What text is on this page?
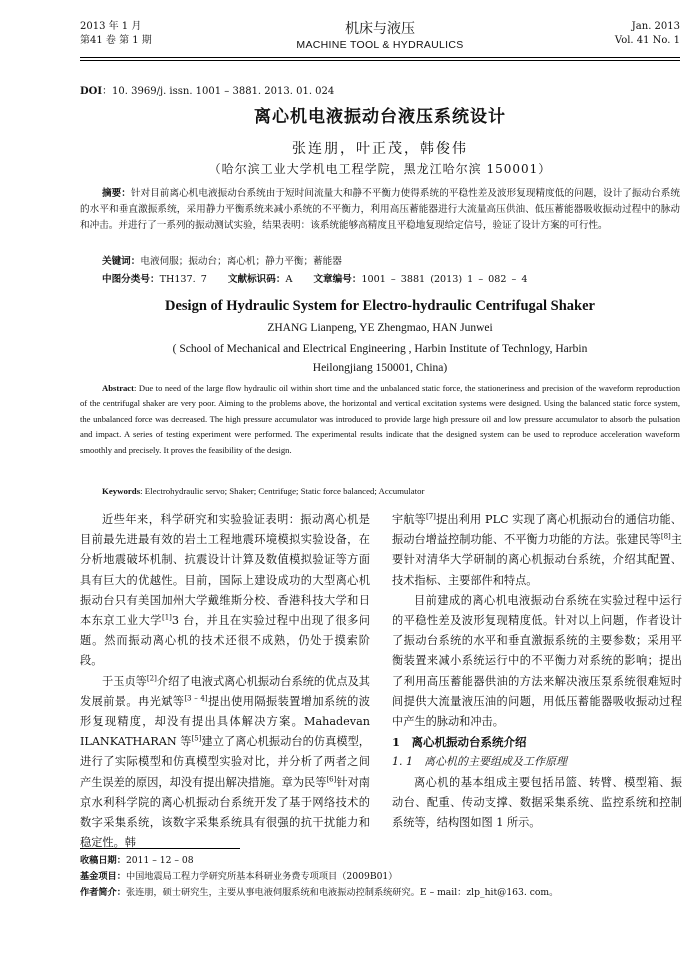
2013 年 1 月
第41 卷 第 1 期
机床与液压
MACHINE TOOL & HYDRAULICS
Jan. 2013
Vol. 41 No. 1
DOI：10. 3969/j. issn. 1001 – 3881. 2013. 01. 024
离心机电液振动台液压系统设计
张连朋，叶正茂，韩俊伟
（哈尔滨工业大学机电工程学院，黑龙江哈尔滨 150001）
摘要：针对目前离心机电液振动台系统由于短时间流量大和静不平衡力使得系统的平稳性差及波形复现精度低的问题，设计了振动台系统的水平和垂直激振系统，采用静力平衡系统来减小系统的不平衡力，利用高压蓄能器进行大流量高压供油、低压蓄能器吸收振动过程中的脉动和冲击。并进行了一系列的振动测试实验，结果表明：该系统能够高精度且平稳地复现给定信号，验证了设计方案的可行性。
关键词：电液伺服；振动台；离心机；静力平衡；蓄能器
中图分类号：TH137. 7 文献标识码：A 文章编号：1001 – 3881 (2013) 1 – 082 – 4
Design of Hydraulic System for Electro-hydraulic Centrifugal Shaker
ZHANG Lianpeng, YE Zhengmao, HAN Junwei
( School of Mechanical and Electrical Engineering , Harbin Institute of Technlogy, Harbin
Heilongjiang 150001, China)
Abstract: Due to need of the large flow hydraulic oil within short time and the unbalanced static force, the stationeriness and precision of the waveform reproduction of the centrifugal shaker are very poor. Aiming to the problems above, the horizontal and vertical excitation systems were designed. Using the balanced static force system, the unbalanced force was decreased. The high pressure accumulator was introduced to provide large high pressure oil and low pressure accumulator to absorb the pulsation and impact. A series of testing experiment were performed. The experimental results indicate that the designed system can be used to reproduce acceleration waveform smoothly and precisely. It proves the feasibility of the design.
Keywords: Electrohydraulic servo; Shaker; Centrifuge; Static force balanced; Accumulator

近些年来，科学研究和实验验证表明：振动离心机是目前最先进最有效的岩土工程地震环境模拟实验设备，在分析地震破坏机制、抗震设计计算及数值模拟验证等方面具有巨大的优越性。目前，国际上建设成功的大型离心机振动台只有美国加州大学戴维斯分校、香港科技大学和日本东京工业大学[1]3 台，并且在实验过程中出现了很多问题。然而振动离心机的技术还很不成熟，仍处于摸索阶段。

于玉贞等[2]介绍了电液式离心机振动台系统的优点及其发展前景。冉光斌等[3 – 4]提出使用隔振装置增加系统的波形复现精度，却没有提出具体解决方案。Mahadevan ILANKATHARAN 等[5]建立了离心机振动台的仿真模型，进行了实际模型和仿真模型实验对比，并分析了两者之间产生误差的原因，却没有提出解决措施。章为民等[6]针对南京水利科学院的离心机振动台系统开发了基于网络技术的数字采集系统，该数字采集系统具有很强的抗干扰能力和稳定性。韩

宇航等[7]提出利用 PLC 实现了离心机振动台的通信功能、振动台增益控制功能、不平衡力功能的方法。张建民等[8]主要针对清华大学研制的离心机振动台系统，介绍其配置、技术指标、主要部件和特点。

目前建成的离心机电液振动台系统在实验过程中运行的平稳性差及波形复现精度低。针对以上问题，作者设计了振动台系统的水平和垂直激振系统的主要参数；采用平衡装置来减小系统运行中的不平衡力对系统的影响；提出了利用高压蓄能器供油的方法来解决液压泵系统很难短时间提供大流量液压油的问题，用低压蓄能器吸收振动过程中产生的脉动和冲击。

1　离心机振动台系统介绍
1. 1　离心机的主要组成及工作原理

离心机的基本组成主要包括吊篮、转臂、模型箱、振动台、配重、传动支撑、数据采集系统、监控系统和控制系统等，结构图如图 1 所示。

收稿日期：2011 – 12 – 08
基金项目：中国地震局工程力学研究所基本科研业务费专项项目（2009B01）
作者简介：张连朋，硕士研究生，主要从事电液伺服系统和电液振动控制系统研究。E – mail：zlp_hit@163. com。
